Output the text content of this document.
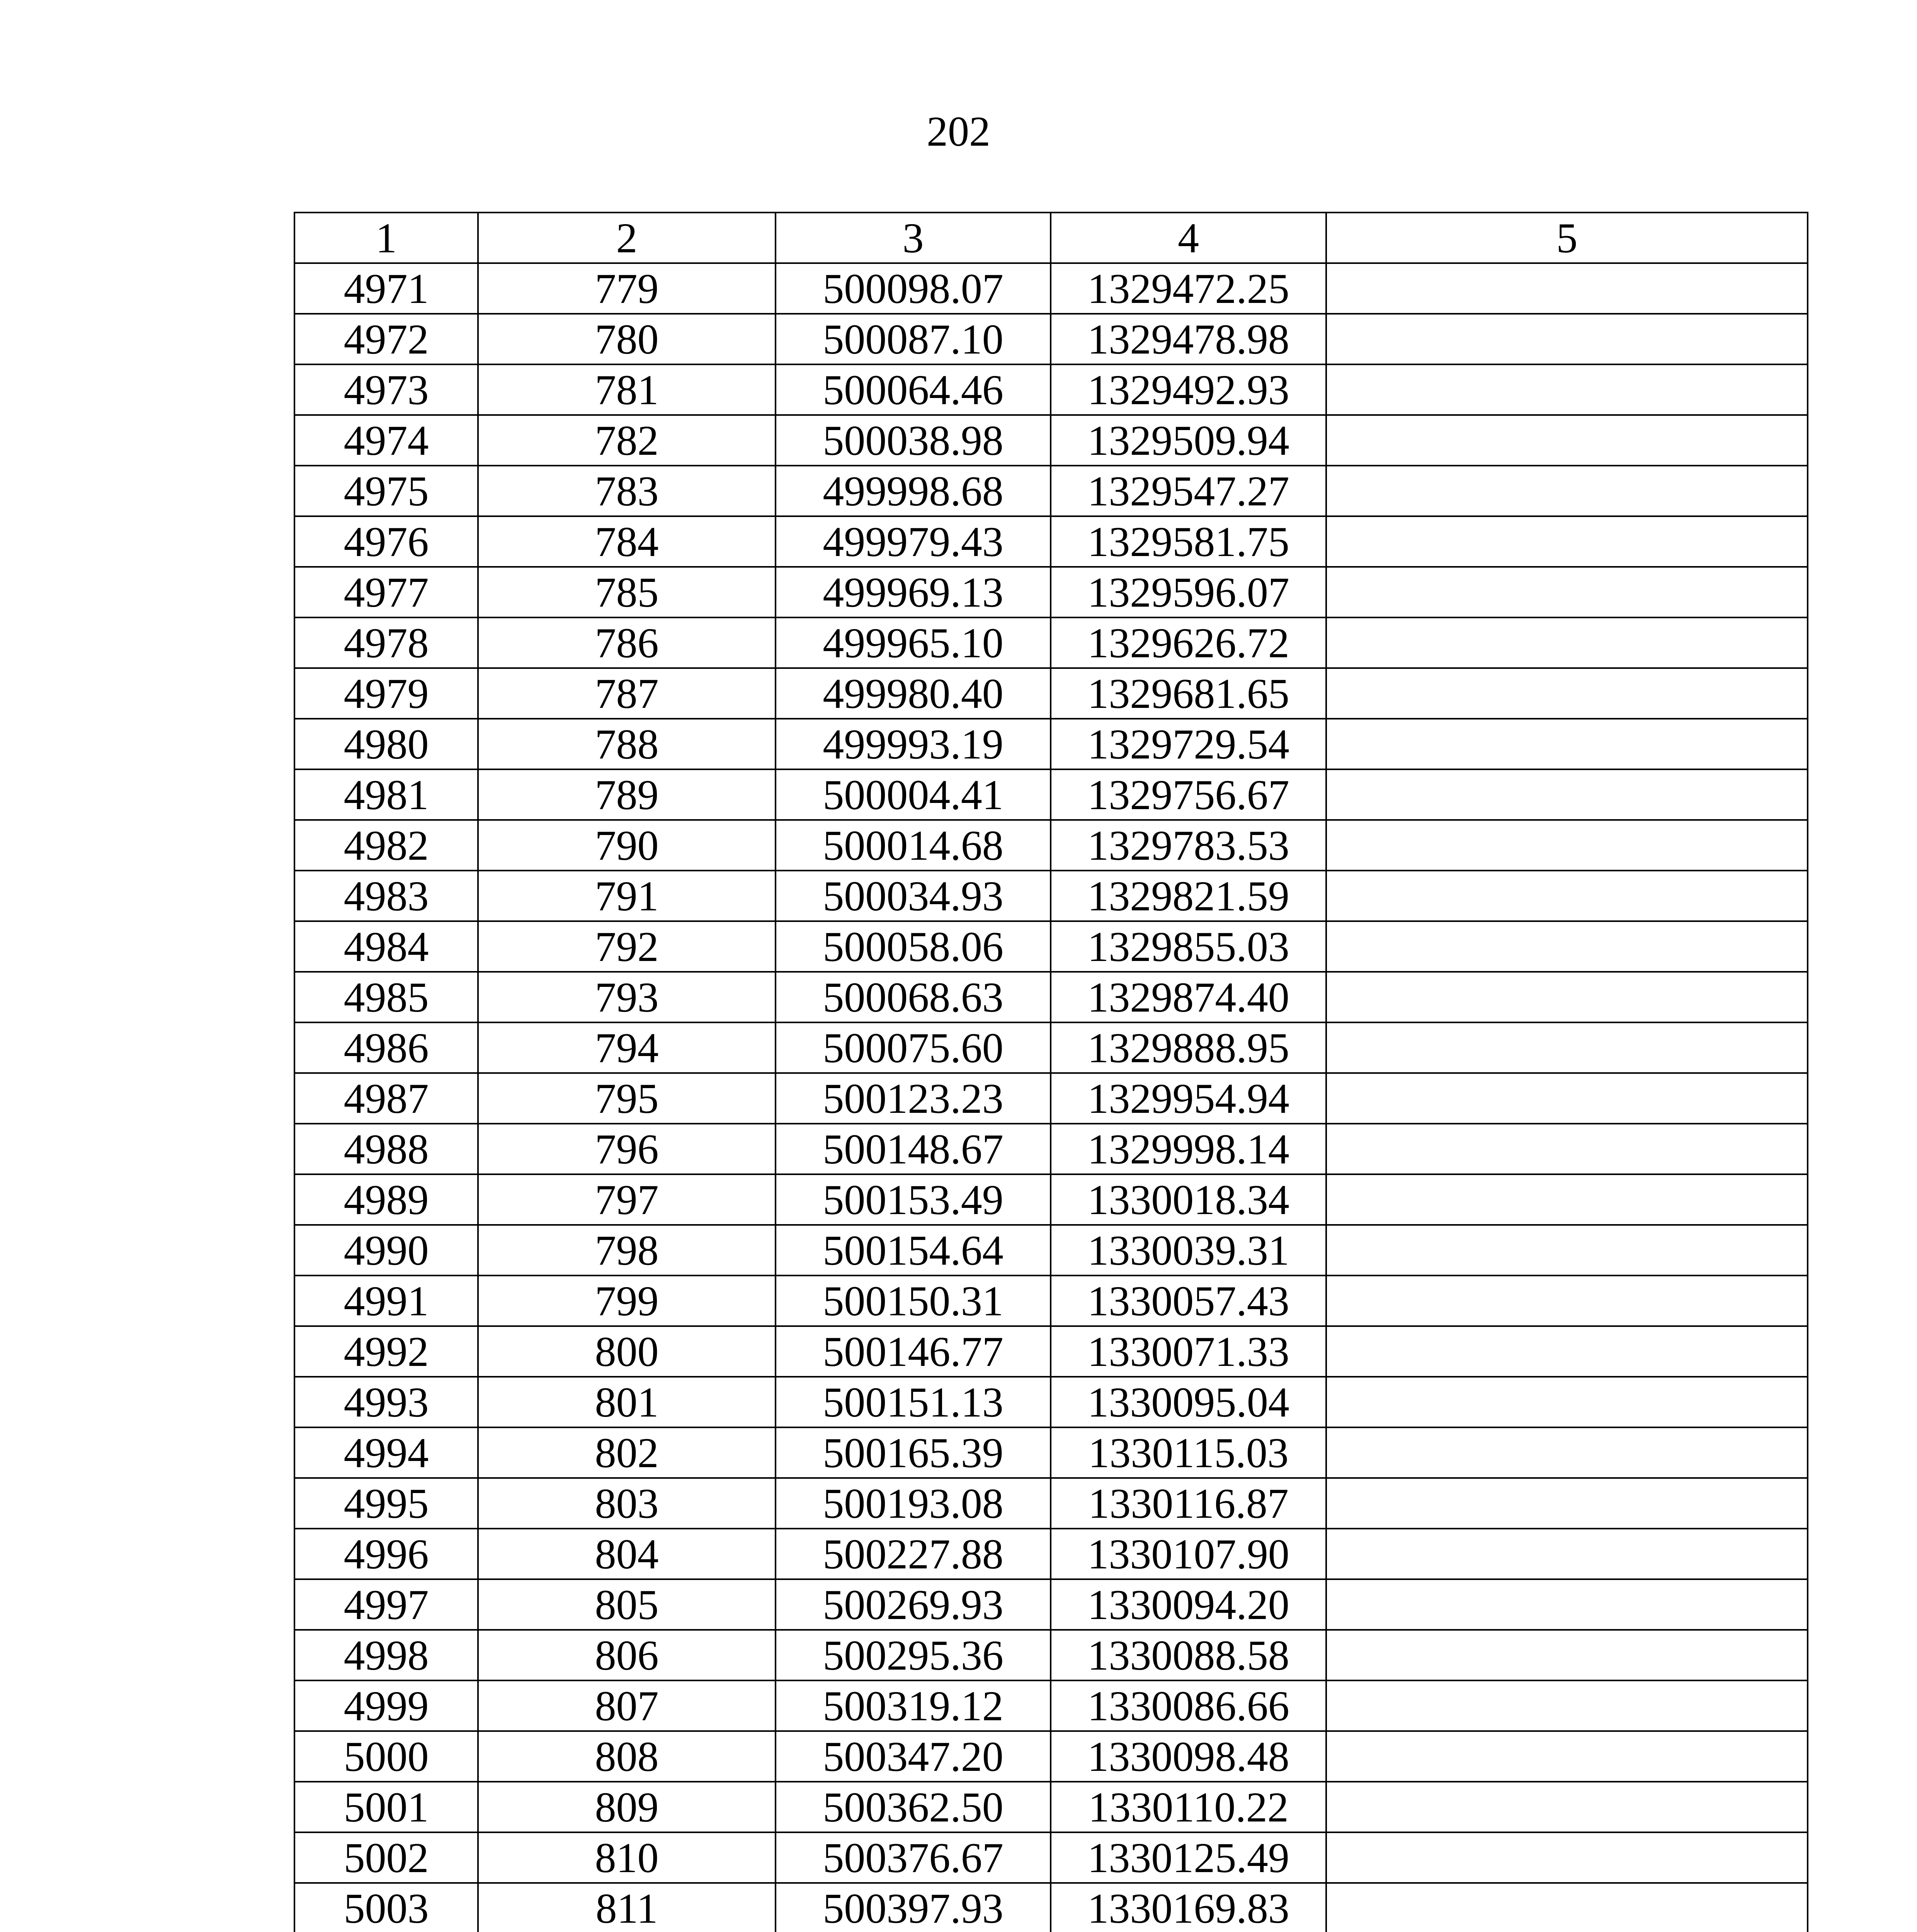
202
1	2	3	4	5
4971	779	500098.07	1329472.25	
4972	780	500087.10	1329478.98	
4973	781	500064.46	1329492.93	
4974	782	500038.98	1329509.94	
4975	783	499998.68	1329547.27	
4976	784	499979.43	1329581.75	
4977	785	499969.13	1329596.07	
4978	786	499965.10	1329626.72	
4979	787	499980.40	1329681.65	
4980	788	499993.19	1329729.54	
4981	789	500004.41	1329756.67	
4982	790	500014.68	1329783.53	
4983	791	500034.93	1329821.59	
4984	792	500058.06	1329855.03	
4985	793	500068.63	1329874.40	
4986	794	500075.60	1329888.95	
4987	795	500123.23	1329954.94	
4988	796	500148.67	1329998.14	
4989	797	500153.49	1330018.34	
4990	798	500154.64	1330039.31	
4991	799	500150.31	1330057.43	
4992	800	500146.77	1330071.33	
4993	801	500151.13	1330095.04	
4994	802	500165.39	1330115.03	
4995	803	500193.08	1330116.87	
4996	804	500227.88	1330107.90	
4997	805	500269.93	1330094.20	
4998	806	500295.36	1330088.58	
4999	807	500319.12	1330086.66	
5000	808	500347.20	1330098.48	
5001	809	500362.50	1330110.22	
5002	810	500376.67	1330125.49	
5003	811	500397.93	1330169.83	
